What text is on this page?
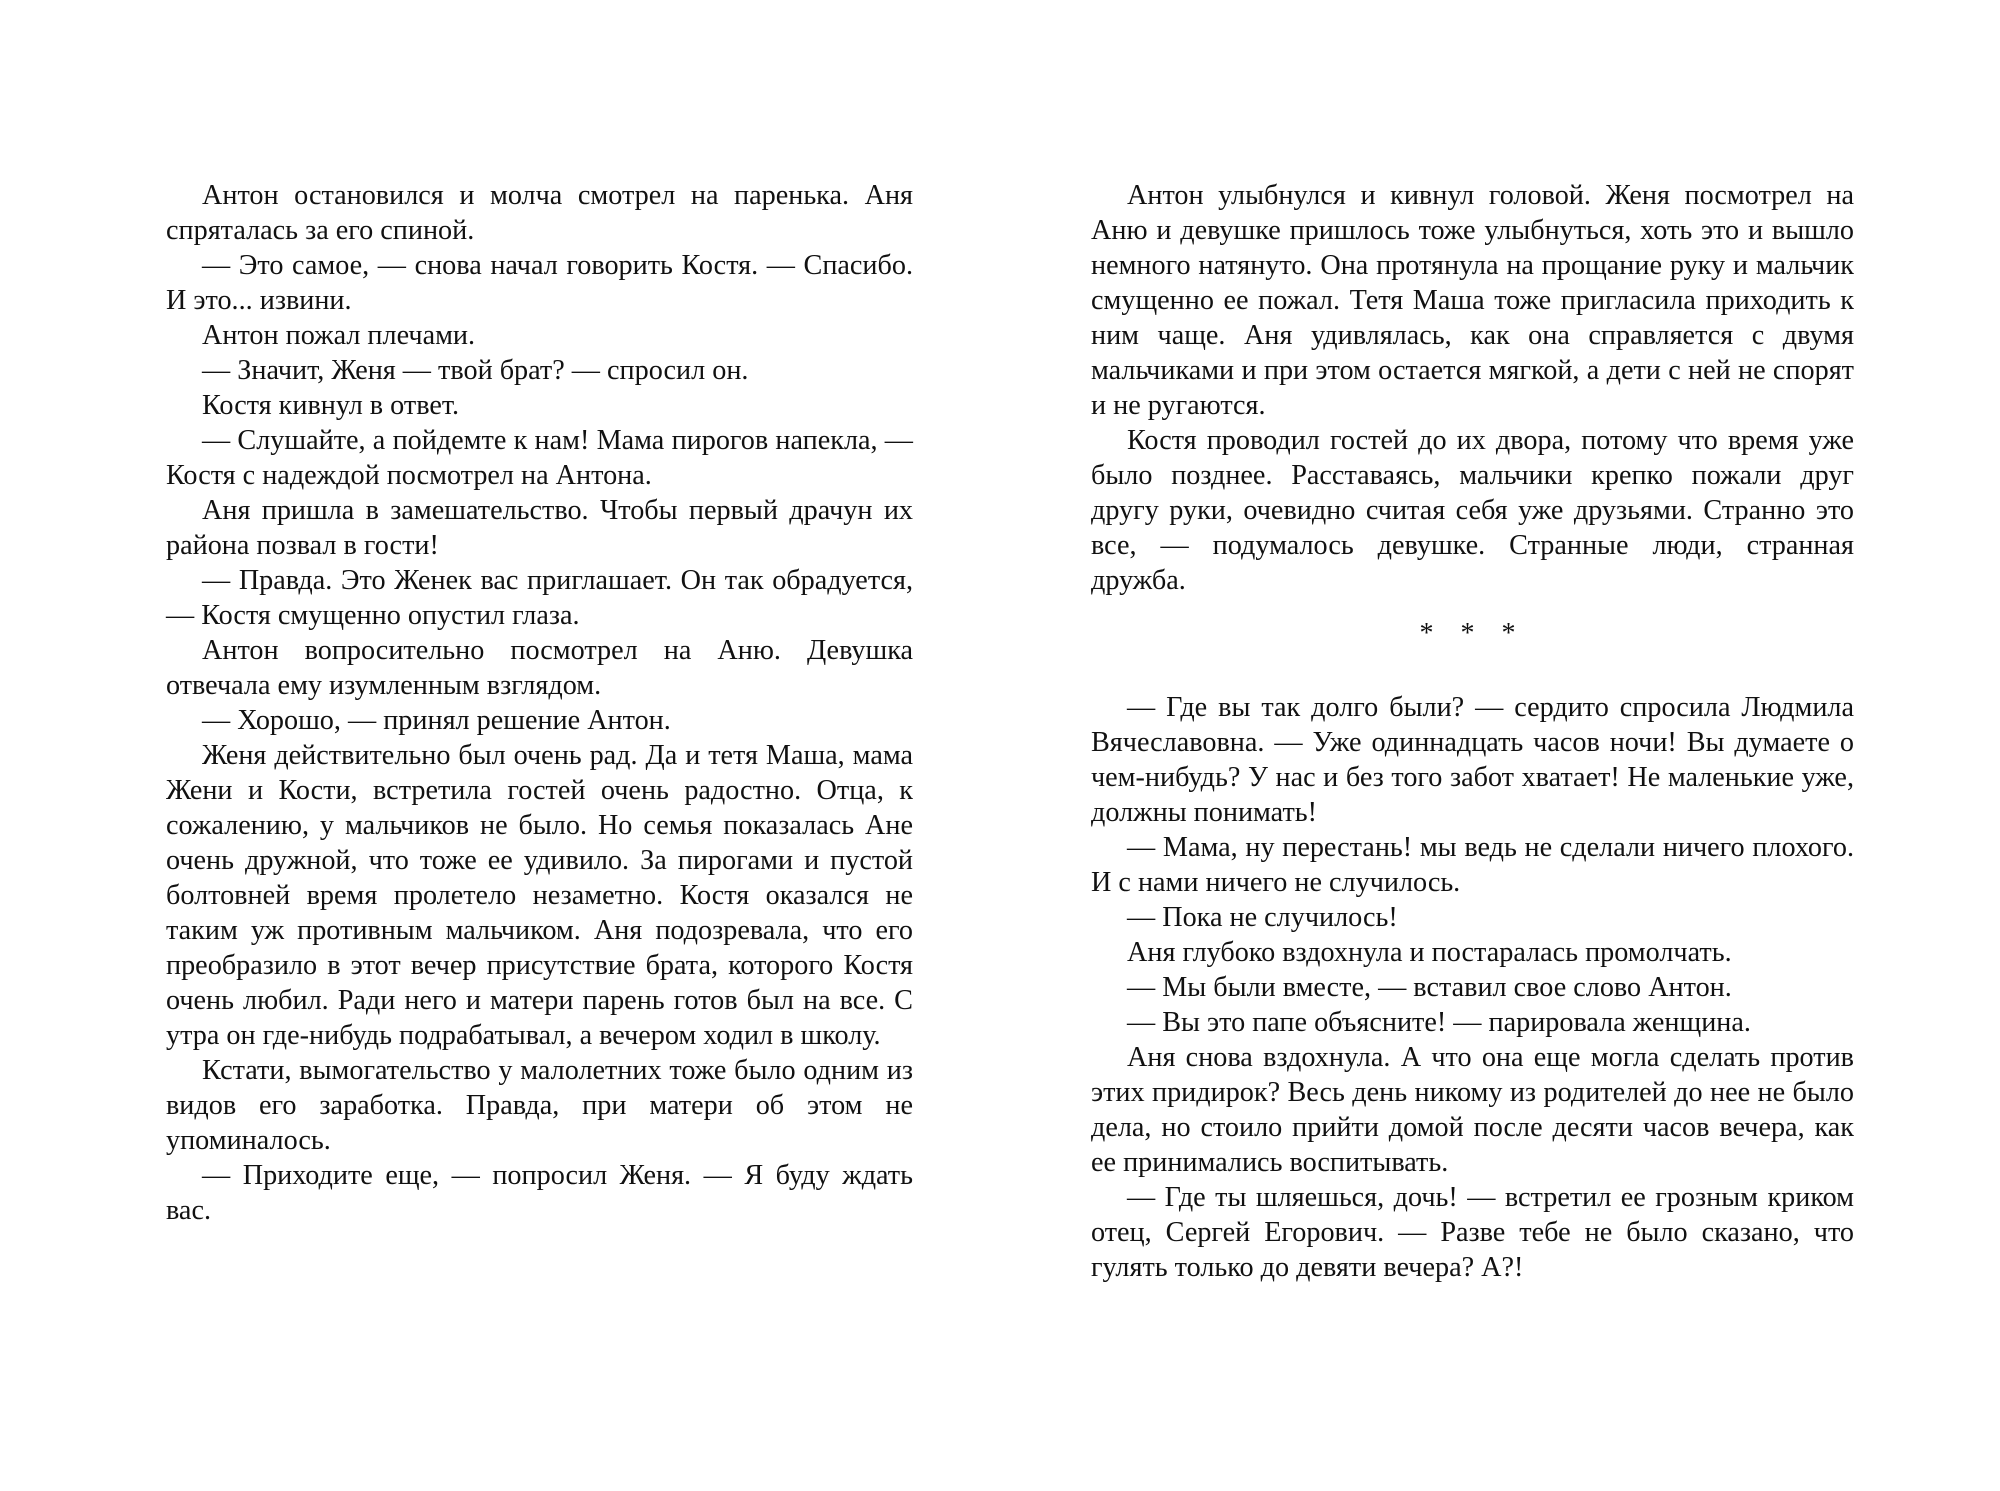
Антон остановился и молча смотрел на паренька. Аня спряталась за его спиной.

— Это самое, — снова начал говорить Костя. — Спасибо. И это... извини.

Антон пожал плечами.

— Значит, Женя — твой брат? — спросил он.

Костя кивнул в ответ.

— Слушайте, а пойдемте к нам! Мама пирогов напекла, — Костя с надеждой посмотрел на Антона.

Аня пришла в замешательство. Чтобы первый драчун их района позвал в гости!

— Правда. Это Женек вас приглашает. Он так обрадуется, — Костя смущенно опустил глаза.

Антон вопросительно посмотрел на Аню. Девушка отвечала ему изумленным взглядом.

— Хорошо, — принял решение Антон.

Женя действительно был очень рад. Да и тетя Маша, мама Жени и Кости, встретила гостей очень радостно. Отца, к сожалению, у мальчиков не было. Но семья показалась Ане очень дружной, что тоже ее удивило. За пирогами и пустой болтовней время пролетело незаметно. Костя оказался не таким уж противным мальчиком. Аня подозревала, что его преобразило в этот вечер присутствие брата, которого Костя очень любил. Ради него и матери парень готов был на все. С утра он где-нибудь подрабатывал, а вечером ходил в школу.

Кстати, вымогательство у малолетних тоже было одним из видов его заработка. Правда, при матери об этом не упоминалось.

— Приходите еще, — попросил Женя. — Я буду ждать вас.

Антон улыбнулся и кивнул головой. Женя посмотрел на Аню и девушке пришлось тоже улыбнуться, хоть это и вышло немного натянуто. Она протянула на прощание руку и мальчик смущенно ее пожал. Тетя Маша тоже пригласила приходить к ним чаще. Аня удивлялась, как она справляется с двумя мальчиками и при этом остается мягкой, а дети с ней не спорят и не ругаются.

Костя проводил гостей до их двора, потому что время уже было позднее. Расставаясь, мальчики крепко пожали друг другу руки, очевидно считая себя уже друзьями. Странно это все, — подумалось девушке. Странные люди, странная дружба.

* * *

— Где вы так долго были? — сердито спросила Людмила Вячеславовна. — Уже одиннадцать часов ночи! Вы думаете о чем-нибудь? У нас и без того забот хватает! Не маленькие уже, должны понимать!

— Мама, ну перестань! мы ведь не сделали ничего плохого. И с нами ничего не случилось.

— Пока не случилось!

Аня глубоко вздохнула и постаралась промолчать.

— Мы были вместе, — вставил свое слово Антон.

— Вы это папе объясните! — парировала женщина.

Аня снова вздохнула. А что она еще могла сделать против этих придирок? Весь день никому из родителей до нее не было дела, но стоило прийти домой после десяти часов вечера, как ее принимались воспитывать.

— Где ты шляешься, дочь! — встретил ее грозным криком отец, Сергей Егорович. — Разве тебе не было сказано, что гулять только до девяти вечера? А?!
